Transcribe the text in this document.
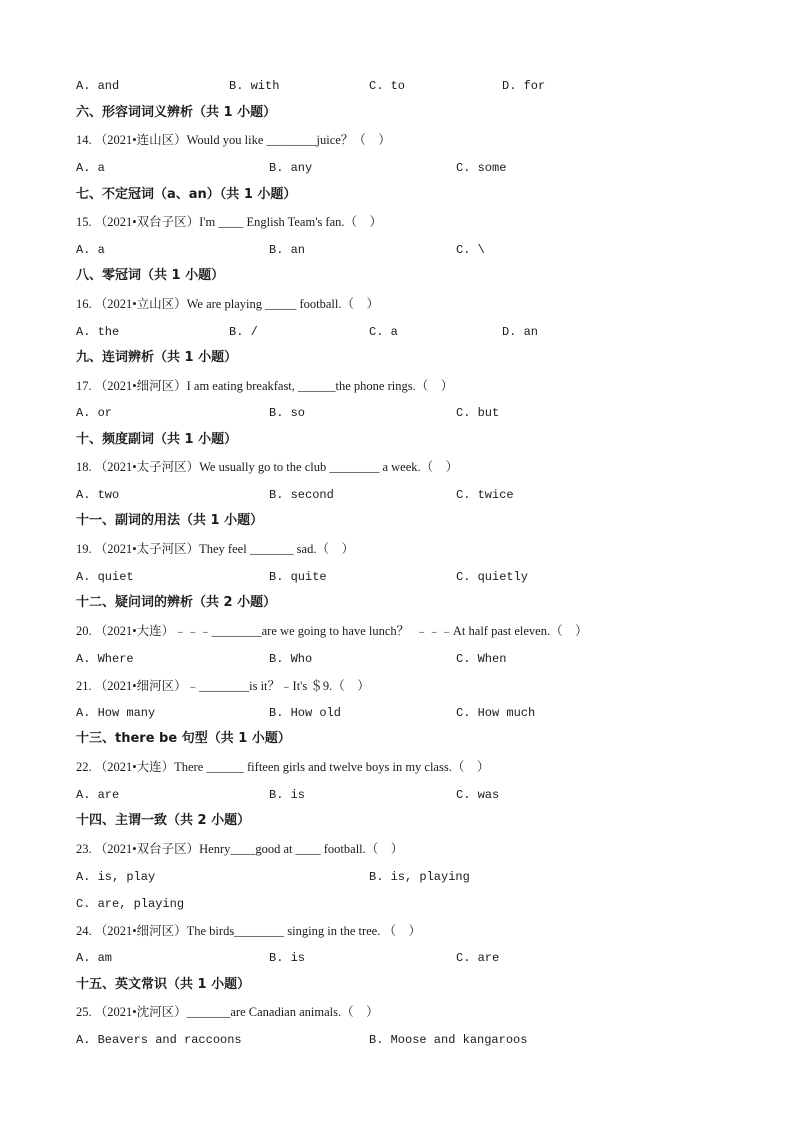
A. and	B. with	C. to	D. for
六、形容词词义辨析（共 1 小题）
14. （2021•连山区）Would you like ________juice？（    ）
A. a	B. any	C. some
七、不定冠词（a、an）（共 1 小题）
15. （2021•双台子区）I'm ____ English Team's fan.（    ）
A. a	B. an	C. \
八、零冠词（共 1 小题）
16. （2021•立山区）We are playing _____ football.（    ）
A. the	B. /	C. a	D. an
九、连词辨析（共 1 小题）
17. （2021•细河区）I am eating breakfast, ______the phone rings.（    ）
A. or	B. so	C. but
十、频度副词（共 1 小题）
18. （2021•太子河区）We usually go to the club ________ a week.（    ）
A. two	B. second	C. twice
十一、副词的用法（共 1 小题）
19. （2021•太子河区）They feel _______ sad.（    ）
A. quiet	B. quite	C. quietly
十二、疑问词的辨析（共 2 小题）
20. （2021•大连）﹣﹣﹣________are we going to have lunch？  ﹣﹣﹣At half past eleven.（    ）
A. Where	B. Who	C. When
21. （2021•细河区）﹣________is it？﹣It's ＄9.（    ）
A. How many	B. How old	C. How much
十三、there be 句型（共 1 小题）
22. （2021•大连）There ______ fifteen girls and twelve boys in my class.（    ）
A. are	B. is	C. was
十四、主谓一致（共 2 小题）
23. （2021•双台子区）Henry____good at ____ football.（    ）
A. is, play	B. is, playing
C. are, playing
24. （2021•细河区）The birds________ singing in the tree. （    ）
A. am	B. is	C. are
十五、英文常识（共 1 小题）
25. （2021•沈河区）_______are Canadian animals.（    ）
A. Beavers and raccoons	B. Moose and kangaroos
